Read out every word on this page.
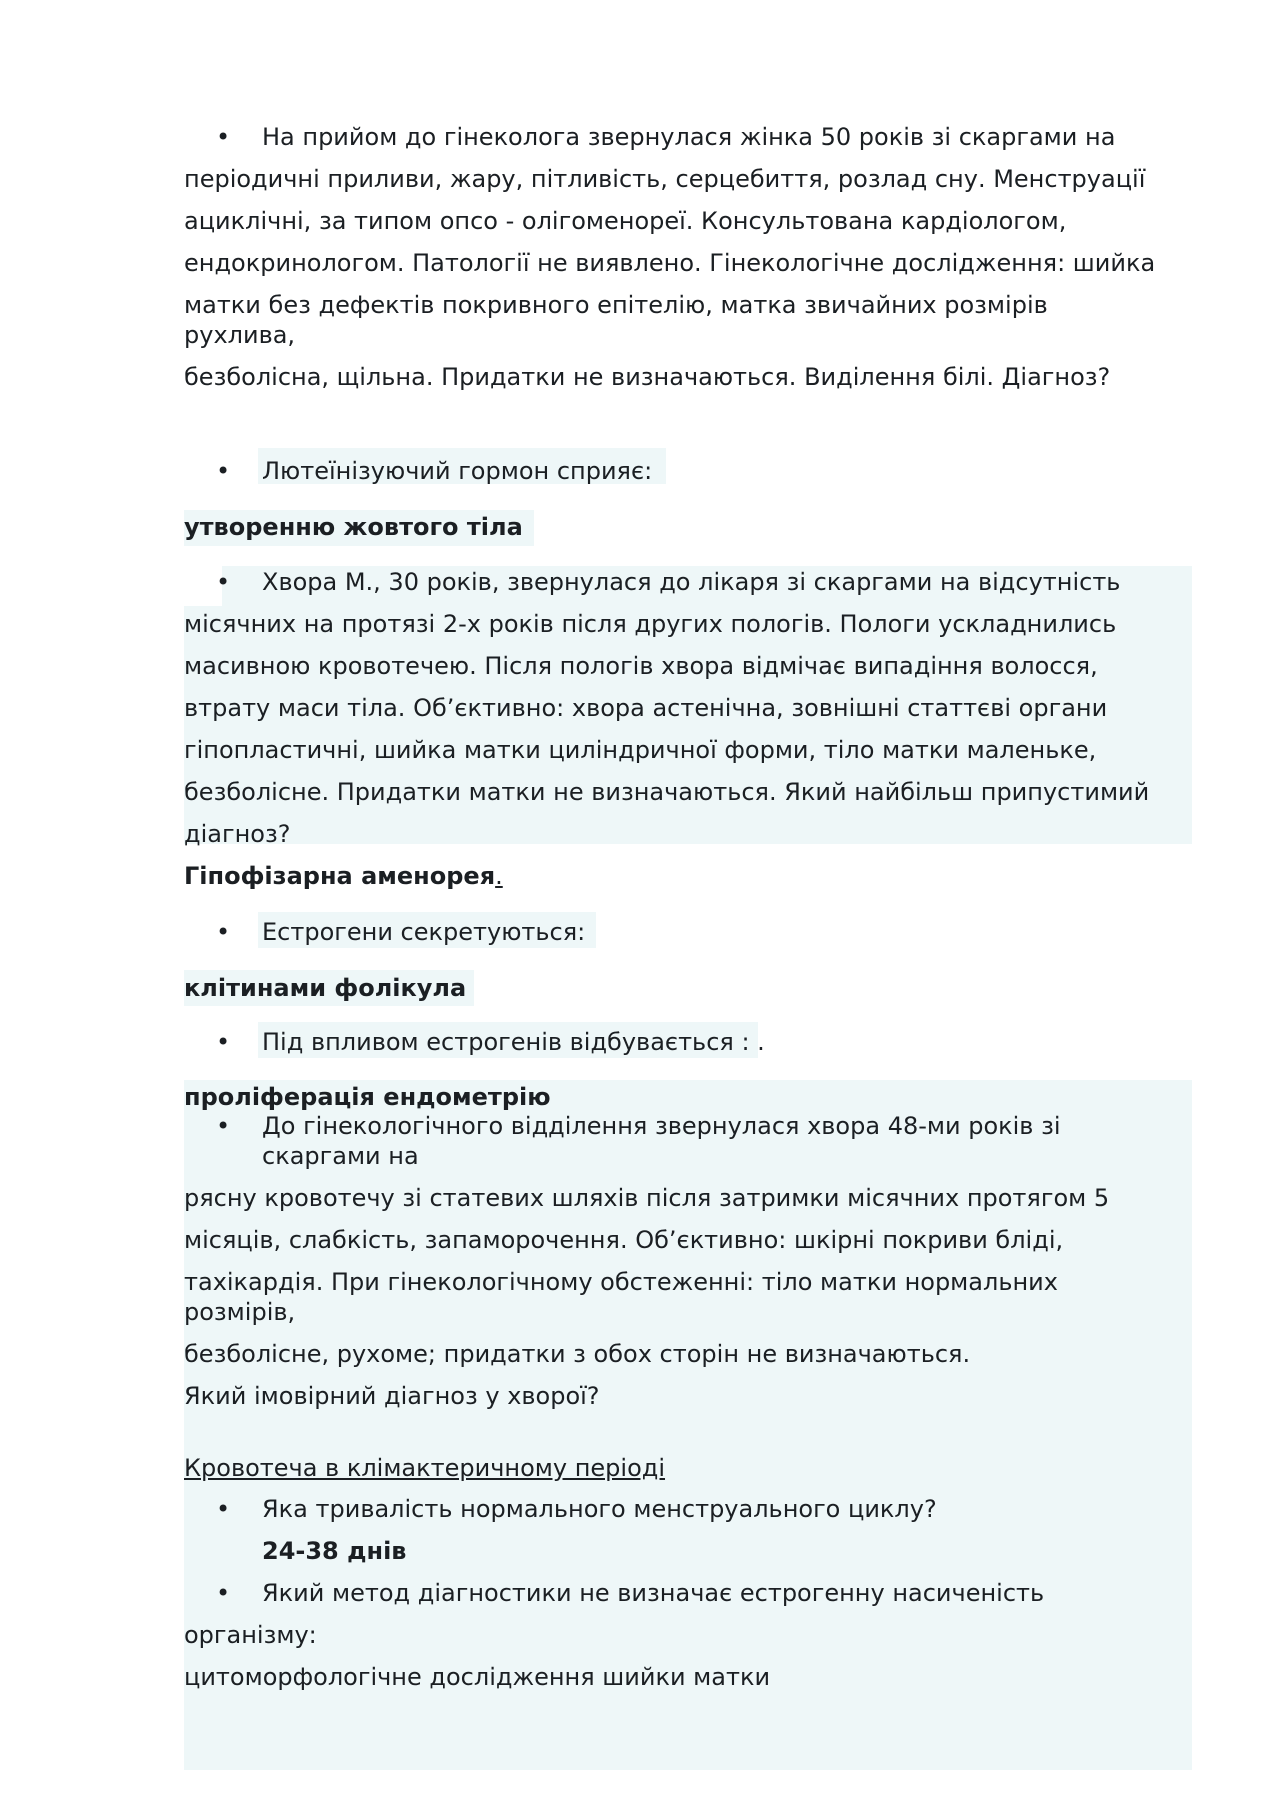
• На прийом до гінеколога звернулася жінка 50 років зі скаргами на
періодичні приливи, жару, пітливість, серцебиття, розлад сну. Менструації
ациклічні, за типом опсо - олігоменореї. Консультована кардіологом,
ендокринологом. Патології не виявлено. Гінекологічне дослідження: шийка
матки без дефектів покривного епітелію, матка звичайних розмірів рухлива,
безболісна, щільна. Придатки не визначаються. Виділення білі. Діагноз?
• Лютеїнізуючий гормон сприяє:
утворенню жовтого тіла
• Хвора М., 30 років, звернулася до лікаря зі скаргами на відсутність
місячних на протязі 2-х років після других пологів. Пологи ускладнились
масивною кровотечею. Після пологів хвора відмічає випадіння волосся,
втрату маси тіла. Об’єктивно: хвора астенічна, зовнішні статтєві органи
гіпопластичні, шийка матки циліндричної форми, тіло матки маленьке,
безболісне. Придатки матки не визначаються. Який найбільш припустимий
діагноз?
Гіпофізарна аменорея.
• Естрогени секретуються:
клітинами фолікула
• Під впливом естрогенів відбувається : .
проліферація ендометрію
• До гінекологічного відділення звернулася хвора 48-ми років зі скаргами на
рясну кровотечу зі статевих шляхів після затримки місячних протягом 5
місяців, слабкість, запаморочення. Об’єктивно: шкірні покриви бліді,
тахікардія. При гінекологічному обстеженні: тіло матки нормальних розмірів,
безболісне, рухоме; придатки з обох сторін не визначаються.
Який імовірний діагноз у хворої?
Кровотеча в клімактеричному періоді
• Яка тривалість нормального менструального циклу?
24-38 днів
• Який метод діагностики не визначає естрогенну насиченість
організму:
цитоморфологічне дослідження шийки матки
